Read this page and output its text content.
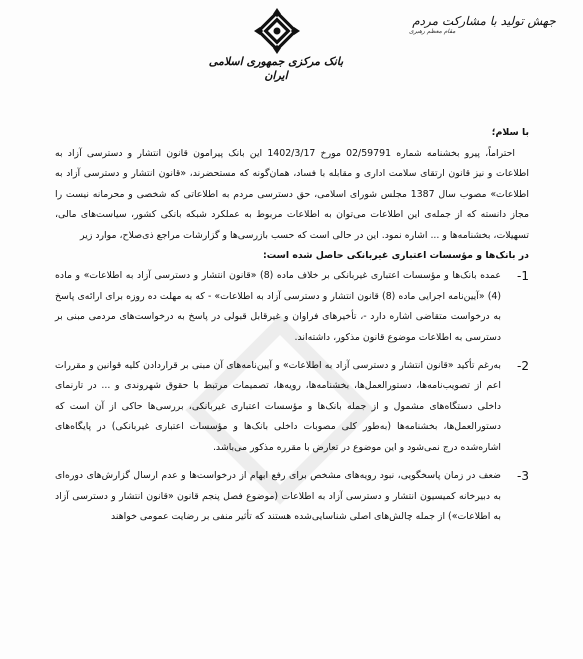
جهش تولید با مشارکت مردم
مقام معظم رهبری
بانک مرکزی جمهوری اسلامی ایران

با سلام؛

احتراماً، پیرو بخشنامه شماره 02/59791 مورخ 1402/3/17 این بانک پیرامون قانون انتشار و دسترسی آزاد به اطلاعات و نیز قانون ارتقای سلامت اداری و مقابله با فساد، همان‌گونه که مستحضرند، «قانون انتشار و دسترسی آزاد به اطلاعات» مصوب سال 1387 مجلس شورای اسلامی، حق دسترسی مردم به اطلاعاتی که شخصی و محرمانه نیست را مجاز دانسته که از جمله‌ی این اطلاعات می‌توان به اطلاعات مربوط به عملکرد شبکه بانکی کشور، سیاست‌های مالی، تسهیلات، بخشنامه‌ها و ... اشاره نمود. این در حالی است که حسب بازرسی‌ها و گزارشات مراجع ذی‌صلاح، موارد زیر
در بانک‌ها و مؤسسات اعتباری غیربانکی حاصل شده است:

1-
عمده بانک‌ها و مؤسسات اعتباری غیربانکی بر خلاف ماده (8) «قانون انتشار و دسترسی آزاد به اطلاعات» و ماده (4) «آیین‌نامه اجرایی ماده (8) قانون انتشار و دسترسی آزاد به اطلاعات» - که به مهلت ده روزه برای ارائه‌ی پاسخ به درخواست متقاضی اشاره دارد -، تأخیرهای فراوان و غیرقابل قبولی در پاسخ به درخواست‌های مردمی مبنی بر دسترسی به اطلاعات موضوع قانون مذکور، داشته‌اند.
2-
به‌رغم تأکید «قانون انتشار و دسترسی آزاد به اطلاعات» و آیین‌نامه‌های آن مبنی بر قراردادن کلیه قوانین و مقررات اعم از تصویب‌نامه‌ها، دستورالعمل‌ها، بخشنامه‌ها، رویه‌ها، تصمیمات مرتبط با حقوق شهروندی و ... در تارنمای داخلی دستگاه‌های مشمول و از جمله بانک‌ها و مؤسسات اعتباری غیربانکی، بررسی‌ها حاکی از آن است که دستورالعمل‌ها، بخشنامه‌ها (به‌طور کلی مصوبات داخلی بانک‌ها و مؤسسات اعتباری غیربانکی) در پایگاه‌های اشاره‌شده درج نمی‌شود و این موضوع در تعارض با مقرره مذکور می‌باشد.
3-
ضعف در زمان پاسخگویی، نبود رویه‌های مشخص برای رفع ابهام از درخواست‌ها و عدم ارسال گزارش‌های دوره‌ای به دبیرخانه کمیسیون انتشار و دسترسی آزاد به اطلاعات (موضوع فصل پنجم قانون «قانون انتشار و دسترسی آزاد به اطلاعات») از جمله چالش‌های اصلی شناسایی‌شده هستند که تأثیر منفی بر رضایت عمومی خواهند
